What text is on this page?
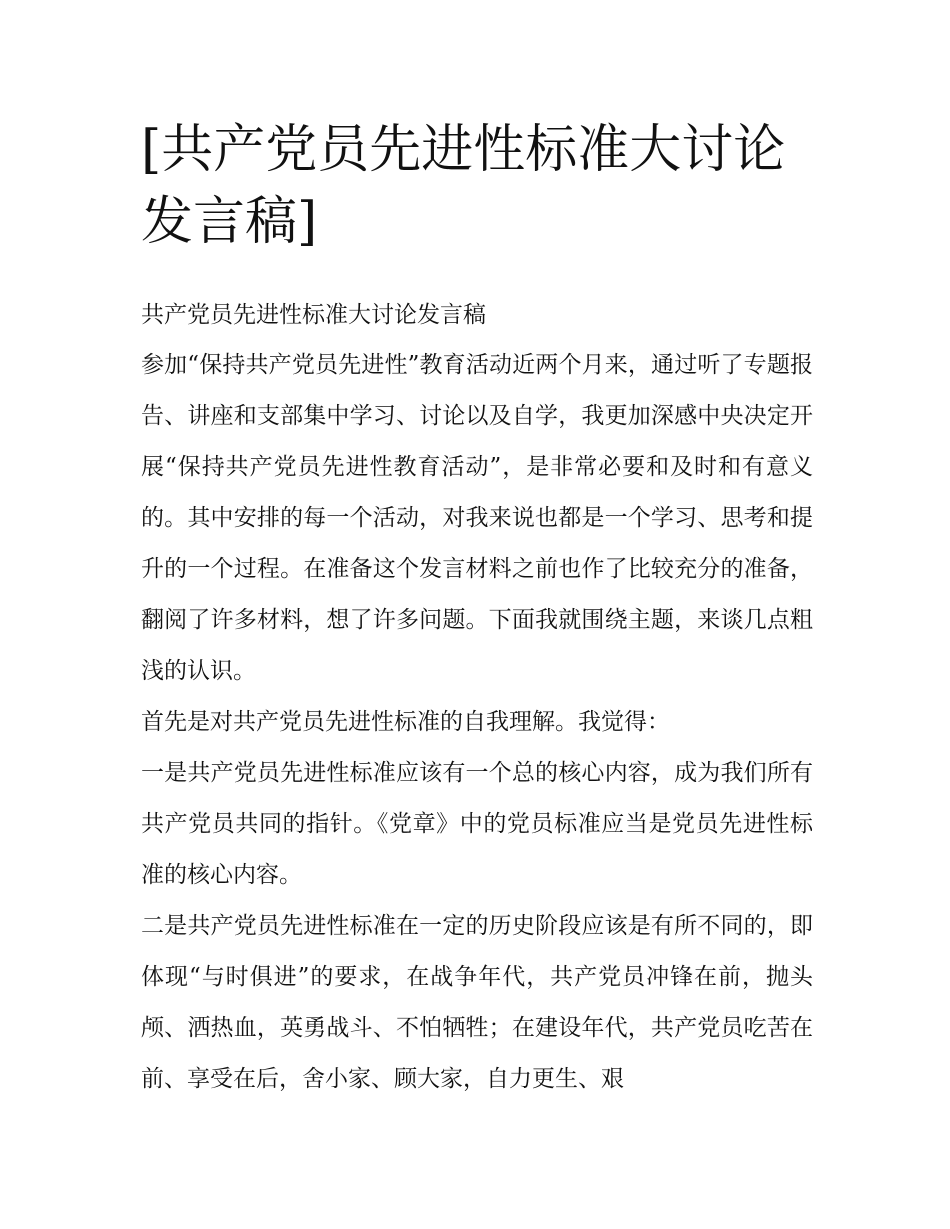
[共产党员先进性标准大讨论发言稿]

共产党员先进性标准大讨论发言稿

参加“保持共产党员先进性”教育活动近两个月来，通过听了专题报告、讲座和支部集中学习、讨论以及自学，我更加深感中央决定开展“保持共产党员先进性教育活动”，是非常必要和及时和有意义的。其中安排的每一个活动，对我来说也都是一个学习、思考和提升的一个过程。在准备这个发言材料之前也作了比较充分的准备，翻阅了许多材料，想了许多问题。下面我就围绕主题，来谈几点粗浅的认识。

首先是对共产党员先进性标准的自我理解。我觉得：

一是共产党员先进性标准应该有一个总的核心内容，成为我们所有共产党员共同的指针。《党章》中的党员标准应当是党员先进性标准的核心内容。

二是共产党员先进性标准在一定的历史阶段应该是有所不同的，即体现“与时俱进”的要求，在战争年代，共产党员冲锋在前，抛头颅、洒热血，英勇战斗、不怕牺牲；在建设年代，共产党员吃苦在前、享受在后，舍小家、顾大家，自力更生、艰
